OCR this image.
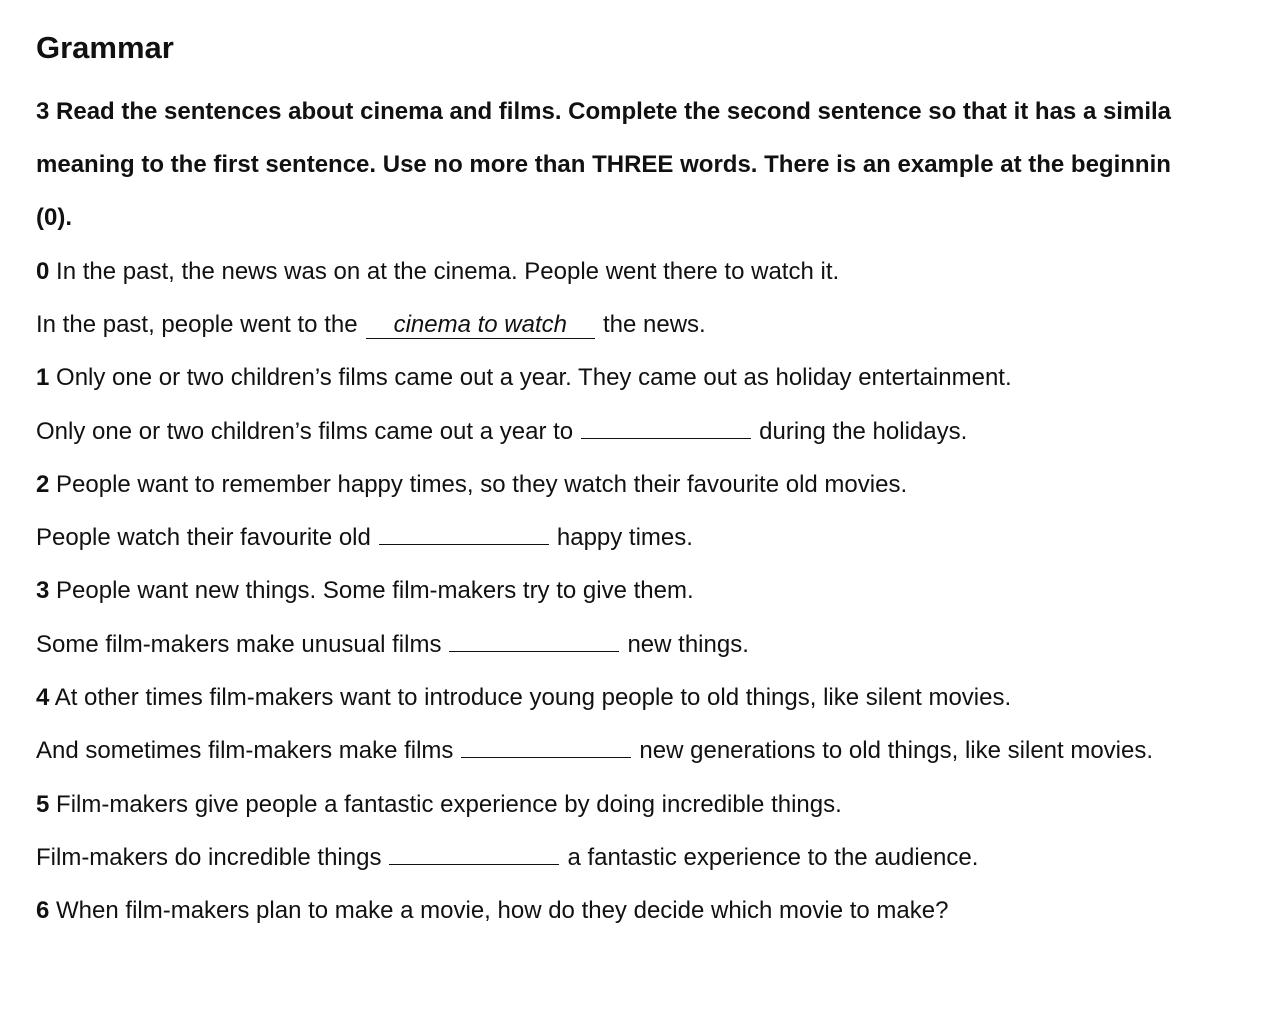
Grammar
3 Read the sentences about cinema and films. Complete the second sentence so that it has a simila
meaning to the first sentence. Use no more than THREE words. There is an example at the beginnin
(0).
0 In the past, the news was on at the cinema. People went there to watch it.
In the past, people went to the cinema to watch the news.
1 Only one or two children’s films came out a year. They came out as holiday entertainment.
Only one or two children’s films came out a year to	during the holidays.
2 People want to remember happy times, so they watch their favourite old movies.
People watch their favourite old	happy times.
3 People want new things. Some film-makers try to give them.
Some film-makers make unusual films	new things.
4 At other times film-makers want to introduce young people to old things, like silent movies.
And sometimes film-makers make films	new generations to old things, like silent movies.
5 Film-makers give people a fantastic experience by doing incredible things.
Film-makers do incredible things	a fantastic experience to the audience.
6 When film-makers plan to make a movie, how do they decide which movie to make?
